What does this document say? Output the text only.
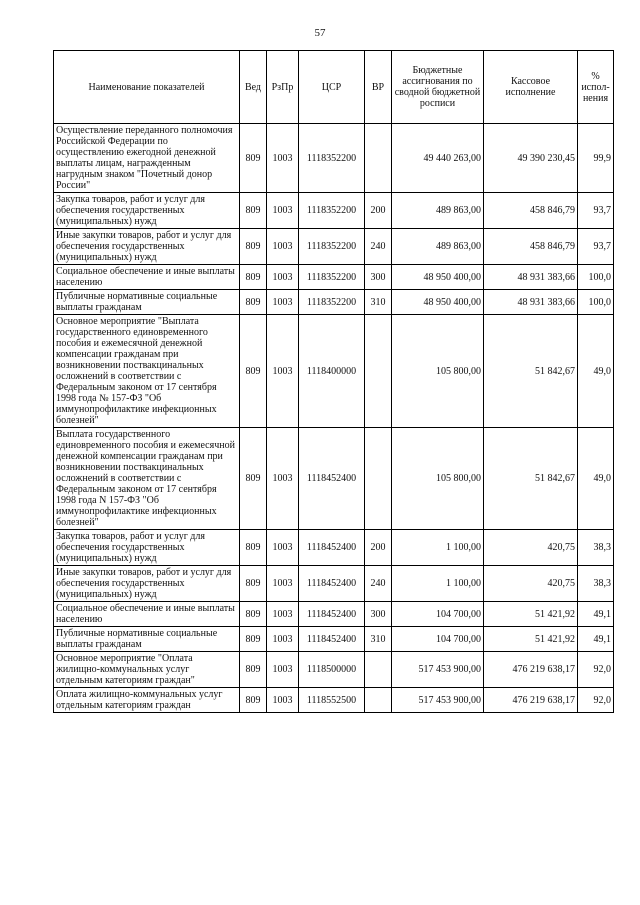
57
Наименование показателей	Вед	РзПр	ЦСР	ВР	Бюджетные ассигнования по сводной бюджетной росписи	Кассовое исполнение	% испол-нения
Осуществление переданного полномочия Российской Федерации по осуществлению ежегодной денежной выплаты лицам, награжденным нагрудным знаком "Почетный донор России"	809	1003	1118352200		49 440 263,00	49 390 230,45	99,9
Закупка товаров, работ и услуг для обеспечения государственных (муниципальных) нужд	809	1003	1118352200	200	489 863,00	458 846,79	93,7
Иные закупки товаров, работ и услуг для обеспечения государственных (муниципальных) нужд	809	1003	1118352200	240	489 863,00	458 846,79	93,7
Социальное обеспечение и иные выплаты населению	809	1003	1118352200	300	48 950 400,00	48 931 383,66	100,0
Публичные нормативные социальные выплаты гражданам	809	1003	1118352200	310	48 950 400,00	48 931 383,66	100,0
Основное мероприятие "Выплата государственного единовременного пособия и ежемесячной денежной компенсации гражданам при возникновении поствакцинальных осложнений в соответствии с Федеральным законом от 17 сентября 1998 года № 157-ФЗ "Об иммунопрофилактике инфекционных болезней"	809	1003	1118400000		105 800,00	51 842,67	49,0
Выплата государственного единовременного пособия и ежемесячной денежной компенсации гражданам при возникновении поствакцинальных осложнений в соответствии с Федеральным законом от 17 сентября 1998 года N 157-ФЗ "Об иммунопрофилактике инфекционных болезней"	809	1003	1118452400		105 800,00	51 842,67	49,0
Закупка товаров, работ и услуг для обеспечения государственных (муниципальных) нужд	809	1003	1118452400	200	1 100,00	420,75	38,3
Иные закупки товаров, работ и услуг для обеспечения государственных (муниципальных) нужд	809	1003	1118452400	240	1 100,00	420,75	38,3
Социальное обеспечение и иные выплаты населению	809	1003	1118452400	300	104 700,00	51 421,92	49,1
Публичные нормативные социальные выплаты гражданам	809	1003	1118452400	310	104 700,00	51 421,92	49,1
Основное мероприятие "Оплата жилищно-коммунальных услуг отдельным категориям граждан"	809	1003	1118500000		517 453 900,00	476 219 638,17	92,0
Оплата жилищно-коммунальных услуг отдельным категориям граждан	809	1003	1118552500		517 453 900,00	476 219 638,17	92,0
